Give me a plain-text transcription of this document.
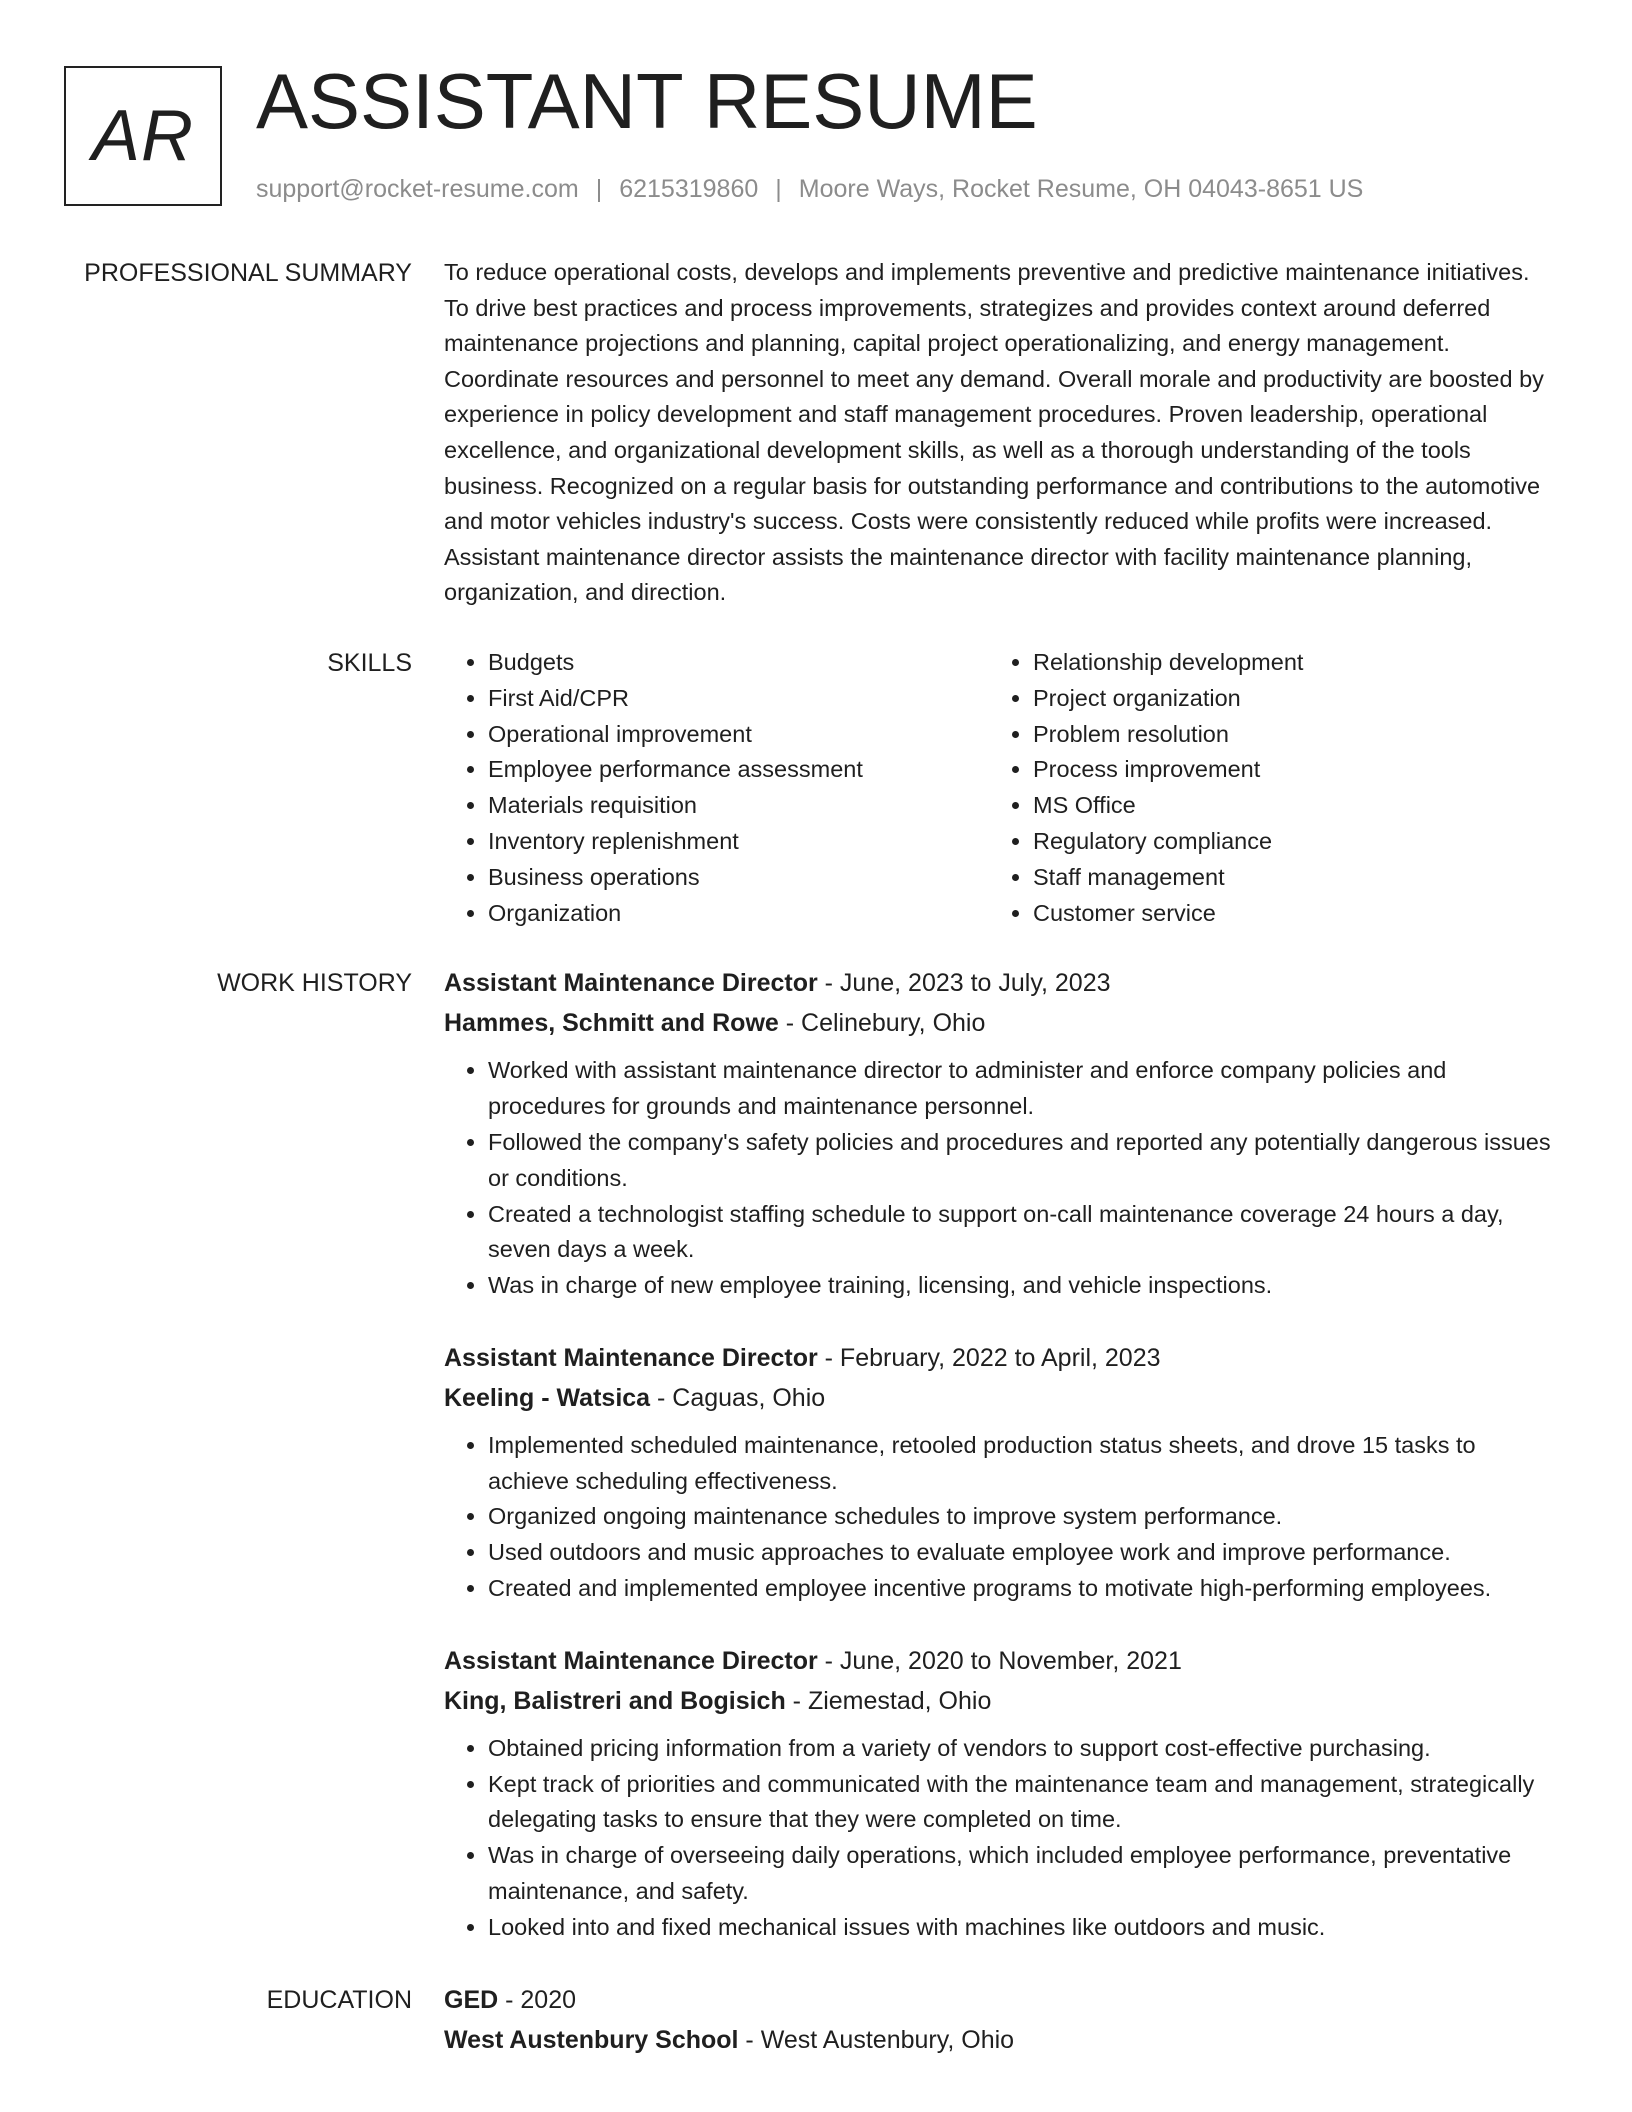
AR ASSISTANT RESUME
support@rocket-resume.com | 6215319860 | Moore Ways, Rocket Resume, OH 04043-8651 US
PROFESSIONAL SUMMARY To reduce operational costs, develops and implements preventive and predictive maintenance initiatives. To drive best practices and process improvements, strategizes and provides context around deferred maintenance projections and planning, capital project operationalizing, and energy management. Coordinate resources and personnel to meet any demand. Overall morale and productivity are boosted by experience in policy development and staff management procedures. Proven leadership, operational excellence, and organizational development skills, as well as a thorough understanding of the tools business. Recognized on a regular basis for outstanding performance and contributions to the automotive and motor vehicles industry's success. Costs were consistently reduced while profits were increased. Assistant maintenance director assists the maintenance director with facility maintenance planning, organization, and direction.

SKILLS
•	Budgets
• First Aid/CPR
• Operational improvement
• Employee performance assessment
• Materials requisition
• Inventory replenishment
• Business operations
• Organization
• Relationship development
• Project organization
• Problem resolution
• Process improvement
• MS Office
• Regulatory compliance
• Staff management
• Customer service
WORK HISTORY Assistant Maintenance Director - June, 2023 to July, 2023
Hammes, Schmitt and Rowe - Celinebury, Ohio
• Worked with assistant maintenance director to administer and enforce company policies and procedures for grounds and maintenance personnel.
• Followed the company's safety policies and procedures and reported any potentially dangerous issues or conditions.
• Created a technologist staffing schedule to support on-call maintenance coverage 24 hours a day, seven days a week.
• Was in charge of new employee training, licensing, and vehicle inspections.
Assistant Maintenance Director - February, 2022 to April, 2023
Keeling - Watsica - Caguas, Ohio
• Implemented scheduled maintenance, retooled production status sheets, and drove 15 tasks to achieve scheduling effectiveness.
• Organized ongoing maintenance schedules to improve system performance.
• Used outdoors and music approaches to evaluate employee work and improve performance.
• Created and implemented employee incentive programs to motivate high-performing employees.
Assistant Maintenance Director - June, 2020 to November, 2021
King, Balistreri and Bogisich - Ziemestad, Ohio
• Obtained pricing information from a variety of vendors to support cost-effective purchasing.
• Kept track of priorities and communicated with the maintenance team and management, strategically delegating tasks to ensure that they were completed on time.
• Was in charge of overseeing daily operations, which included employee performance, preventative maintenance, and safety.
• Looked into and fixed mechanical issues with machines like outdoors and music.
EDUCATION GED - 2020
West Austenbury School - West Austenbury, Ohio
